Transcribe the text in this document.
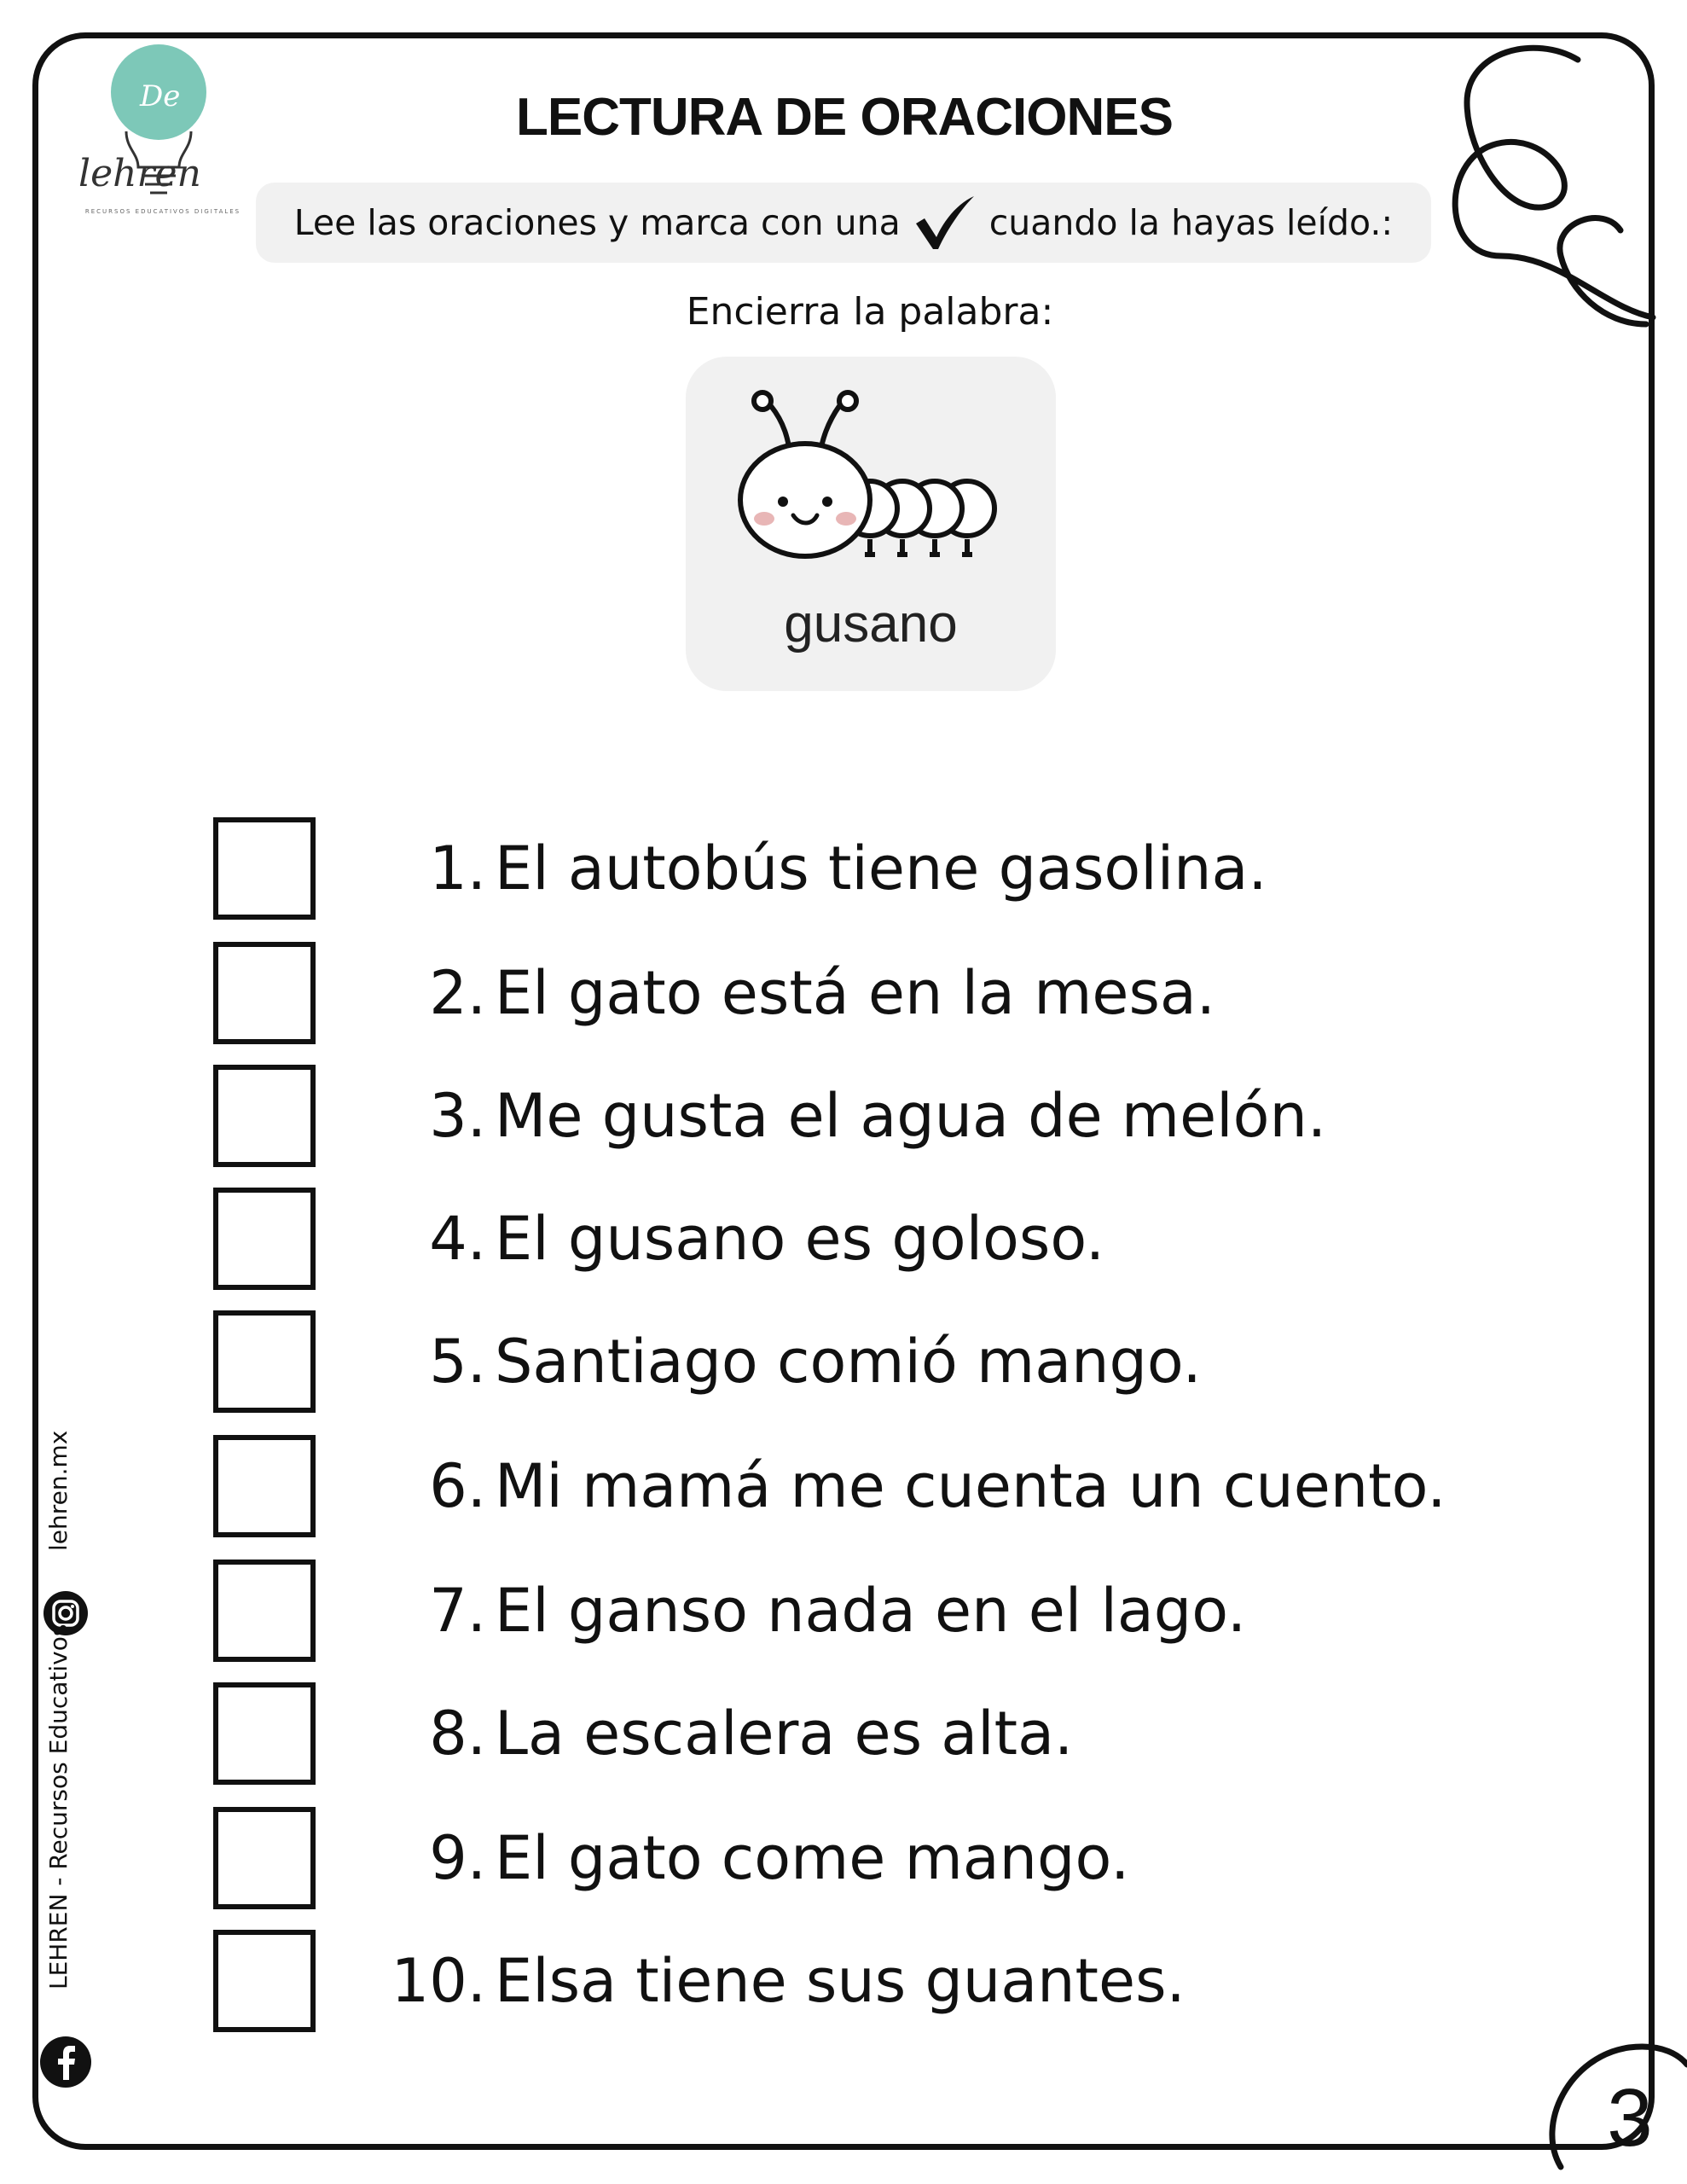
De
lehren
RECURSOS EDUCATIVOS DIGITALES
LECTURA DE ORACIONES
Lee las oraciones y marca con una	cuando la hayas leído.:
Encierra la palabra:
gusano
1. El autobús tiene gasolina.
2. El gato está en la mesa.
3. Me gusta el agua de melón.
4. El gusano es goloso.
5. Santiago comió mango.
6. Mi mamá me cuenta un cuento.
7. El ganso nada en el lago.
8. La escalera es alta.
9. El gato come mango.
10. Elsa tiene sus guantes.
lehren.mx
LEHREN - Recursos Educativos
3
